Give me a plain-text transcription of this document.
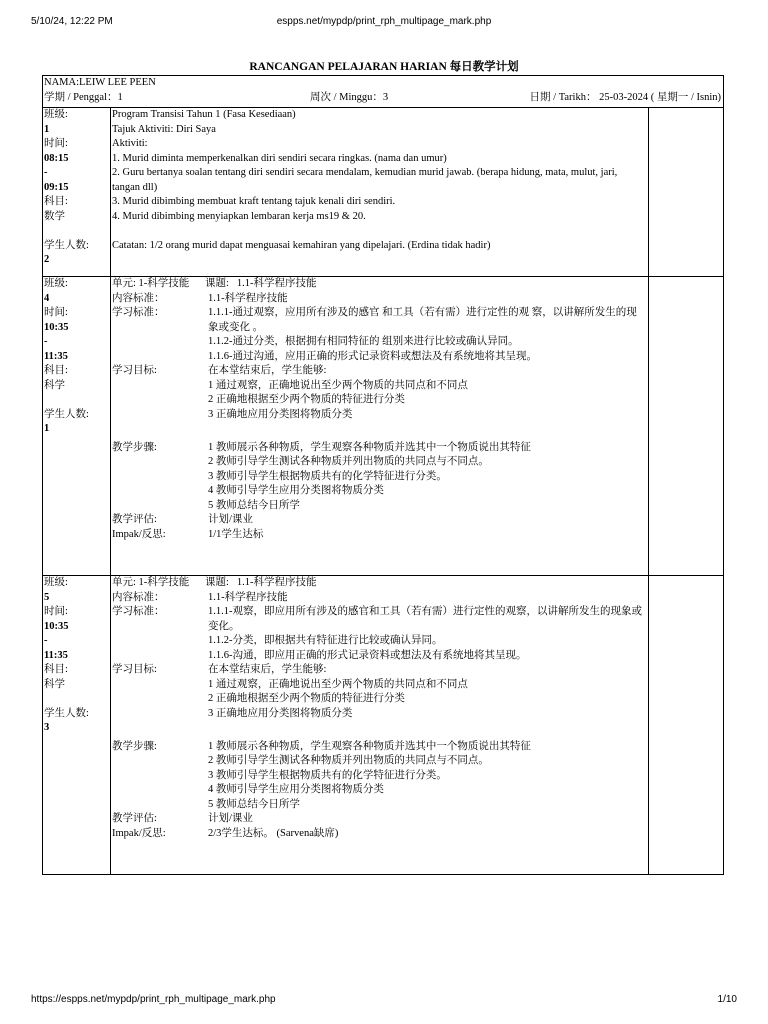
5/10/24, 12:22 PM	espps.net/mypdp/print_rph_multipage_mark.php
RANCANGAN PELAJARAN HARIAN 每日教学计划
NAMA:LEIW LEE PEEN
学期 / Penggal：1	周次 / Minggu：3	日期 / Tarikh： 25-03-2024 ( 星期一 / Isnin)
班级:
1
时间:
08:15
-
09:15
科目:
数学
学生人数:
2
Program Transisi Tahun 1 (Fasa Kesediaan)
Tajuk Aktiviti: Diri Saya
Aktiviti:
1. Murid diminta memperkenalkan diri sendiri secara ringkas. (nama dan umur)
2. Guru bertanya soalan tentang diri sendiri secara mendalam, kemudian murid jawab. (berapa hidung, mata, mulut, jari, tangan dll)
3. Murid dibimbing membuat kraft tentang tajuk kenali diri sendiri.
4. Murid dibimbing menyiapkan lembaran kerja ms19 & 20.
Catatan: 1/2 orang murid dapat menguasai kemahiran yang dipelajari. (Erdina tidak hadir)
班级:
4
时间:
10:35
-
11:35
科目:
科学
学生人数:
1
单元: 1-科学技能      课题:   1.1-科学程序技能
内容标准：	1.1-科学程序技能
学习标准：	1.1.1-通过观察，应用所有涉及的感官 和工具（若有需）进行定性的观 察，以讲解所发生的现象或变化 。
1.1.2-通过分类，根据拥有相同特征的 组别来进行比较或确认异同。
1.1.6-通过沟通，应用正确的形式记录资料或想法及有系统地将其呈现。
学习目标:	在本堂结束后，学生能够:
1 通过观察，正确地说出至少两个物质的共同点和不同点
2 正确地根据至少两个物质的特征进行分类
3 正确地应用分类图将物质分类
教学步骤:	1 教师展示各种物质，学生观察各种物质并选其中一个物质说出其特征
2 教师引导学生测试各种物质并列出物质的共同点与不同点。
3 教师引导学生根据物质共有的化学特征进行分类。
4 教师引导学生应用分类图将物质分类
5 教师总结今日所学
教学评估:	计划/课业
Impak/反思:	1/1学生达标
班级:
5
时间:
10:35
-
11:35
科目:
科学
学生人数:
3
单元: 1-科学技能      课题:   1.1-科学程序技能
内容标准：	1.1-科学程序技能
学习标准：	1.1.1-观察，即应用所有涉及的感官和工具（若有需）进行定性的观察，以讲解所发生的现象或变化。
1.1.2-分类，即根据共有特征进行比较或确认异同。
1.1.6-沟通，即应用正确的形式记录资料或想法及有系统地将其呈现。
学习目标:	在本堂结束后，学生能够:
1 通过观察，正确地说出至少两个物质的共同点和不同点
2 正确地根据至少两个物质的特征进行分类
3 正确地应用分类图将物质分类
教学步骤:	1 教师展示各种物质，学生观察各种物质并选其中一个物质说出其特征
2 教师引导学生测试各种物质并列出物质的共同点与不同点。
3 教师引导学生根据物质共有的化学特征进行分类。
4 教师引导学生应用分类图将物质分类
5 教师总结今日所学
教学评估:	计划/课业
Impak/反思:	2/3学生达标。 (Sarvena缺席)
https://espps.net/mypdp/print_rph_multipage_mark.php	1/10
